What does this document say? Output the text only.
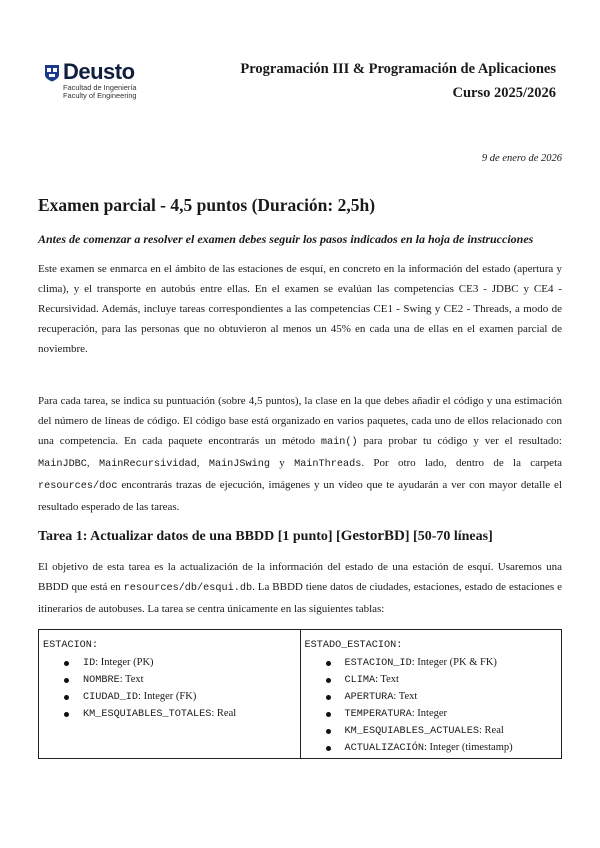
Deusto
Facultad de Ingeniería
Faculty of Engineering
Programación III & Programación de Aplicaciones
Curso 2025/2026
9 de enero de 2026
Examen parcial - 4,5 puntos (Duración: 2,5h)

Antes de comenzar a resolver el examen debes seguir los pasos indicados en la hoja de instrucciones

Este examen se enmarca en el ámbito de las estaciones de esquí, en concreto en la información del estado (apertura y clima), y el transporte en autobús entre ellas. En el examen se evalúan las competencias CE3 - JDBC y CE4 - Recursividad. Además, incluye tareas correspondientes a las competencias CE1 - Swing y CE2 - Threads, a modo de recuperación, para las personas que no obtuvieron al menos un 45% en cada una de ellas en el examen parcial de noviembre.

Para cada tarea, se indica su puntuación (sobre 4,5 puntos), la clase en la que debes añadir el código y una estimación del número de líneas de código. El código base está organizado en varios paquetes, cada uno de ellos relacionado con una competencia. En cada paquete encontrarás un método main() para probar tu código y ver el resultado: MainJDBC, MainRecursividad, MainJSwing y MainThreads. Por otro lado, dentro de la carpeta resources/doc encontrarás trazas de ejecución, imágenes y un vídeo que te ayudarán a ver con mayor detalle el resultado esperado de las tareas.

Tarea 1: Actualizar datos de una BBDD [1 punto] [GestorBD] [50-70 líneas]

El objetivo de esta tarea es la actualización de la información del estado de una estación de esquí. Usaremos una BBDD que está en resources/db/esqui.db. La BBDD tiene datos de ciudades, estaciones, estado de estaciones e itinerarios de autobuses. La tarea se centra únicamente en las siguientes tablas:

ESTACION:
ID: Integer (PK)
NOMBRE: Text
CIUDAD_ID: Integer (FK)
KM_ESQUIABLES_TOTALES: Real
ESTADO_ESTACION:
ESTACION_ID: Integer (PK & FK)
CLIMA: Text
APERTURA: Text
TEMPERATURA: Integer
KM_ESQUIABLES_ACTUALES: Real
ACTUALIZACIÓN: Integer (timestamp)
